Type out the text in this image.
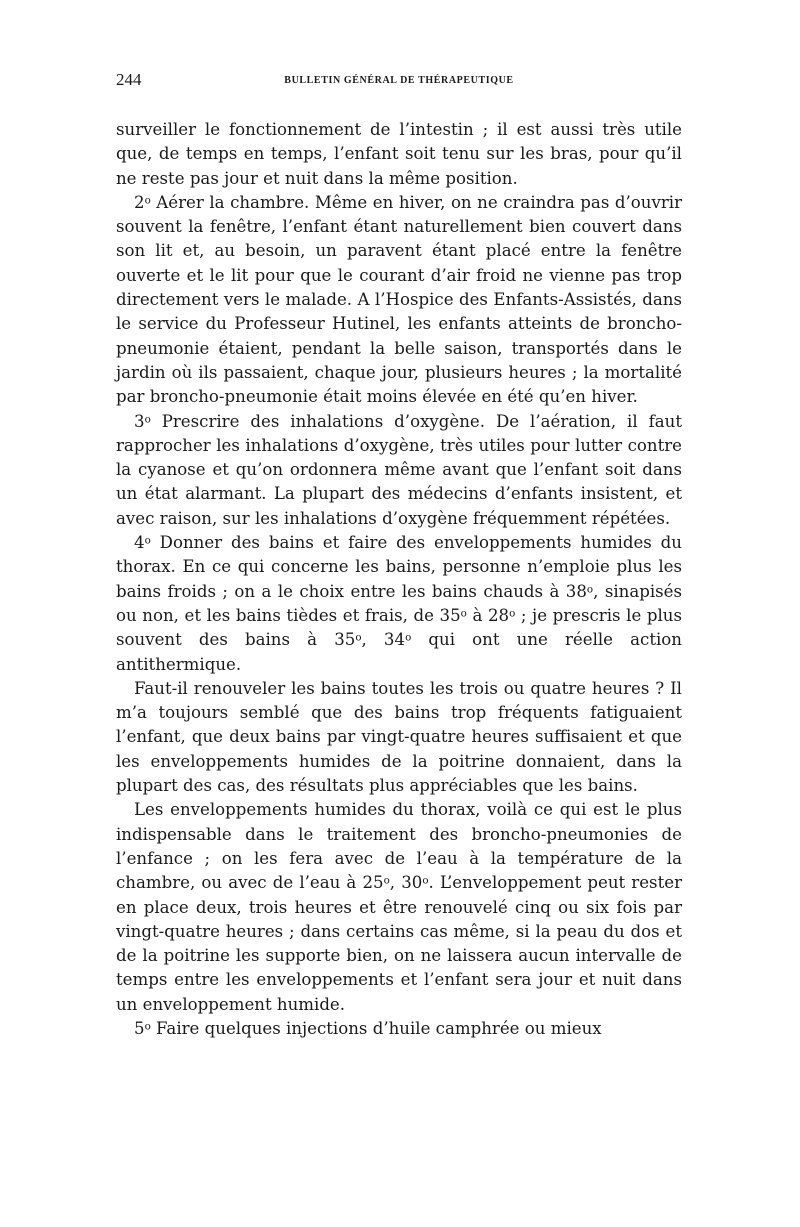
244	BULLETIN GÉNÉRAL DE THÉRAPEUTIQUE

surveiller le fonctionnement de l’intestin ; il est aussi très utile que, de temps en temps, l’enfant soit tenu sur les bras, pour qu’il ne reste pas jour et nuit dans la même position.

2$^o$ Aérer la chambre. Même en hiver, on ne craindra pas d’ouvrir souvent la fenêtre, l’enfant étant naturellement bien couvert dans son lit et, au besoin, un paravent étant placé entre la fenêtre ouverte et le lit pour que le courant d’air froid ne vienne pas trop directement vers le malade. A l’Hospice des Enfants-Assistés, dans le service du Professeur Hutinel, les enfants atteints de broncho-pneumonie étaient, pendant la belle saison, transportés dans le jardin où ils passaient, chaque jour, plusieurs heures ; la mortalité par broncho-pneumonie était moins élevée en été qu’en hiver.

3$^o$ Prescrire des inhalations d’oxygène. De l’aération, il faut rapprocher les inhalations d’oxygène, très utiles pour lutter contre la cyanose et qu’on ordonnera même avant que l’enfant soit dans un état alarmant. La plupart des médecins d’enfants insistent, et avec raison, sur les inhalations d’oxygène fréquemment répétées.

4$^o$ Donner des bains et faire des enveloppements humides du thorax. En ce qui concerne les bains, personne n’emploie plus les bains froids ; on a le choix entre les bains chauds à 38$^o$, sinapisés ou non, et les bains tièdes et frais, de 35$^o$ à 28$^o$ ; je prescris le plus souvent des bains à 35$^o$, 34$^o$ qui ont une réelle action antithermique.

Faut-il renouveler les bains toutes les trois ou quatre heures ? Il m’a toujours semblé que des bains trop fréquents fatiguaient l’enfant, que deux bains par vingt-quatre heures suffisaient et que les enveloppements humides de la poitrine donnaient, dans la plupart des cas, des résultats plus appréciables que les bains.

Les enveloppements humides du thorax, voilà ce qui est le plus indispensable dans le traitement des broncho-pneumonies de l’enfance ; on les fera avec de l’eau à la température de la chambre, ou avec de l’eau à 25$^o$, 30$^o$. L’enveloppement peut rester en place deux, trois heures et être renouvelé cinq ou six fois par vingt-quatre heures ; dans certains cas même, si la peau du dos et de la poitrine les supporte bien, on ne laissera aucun intervalle de temps entre les enveloppements et l’enfant sera jour et nuit dans un enveloppement humide.

5$^o$ Faire quelques injections d’huile camphrée ou mieux
